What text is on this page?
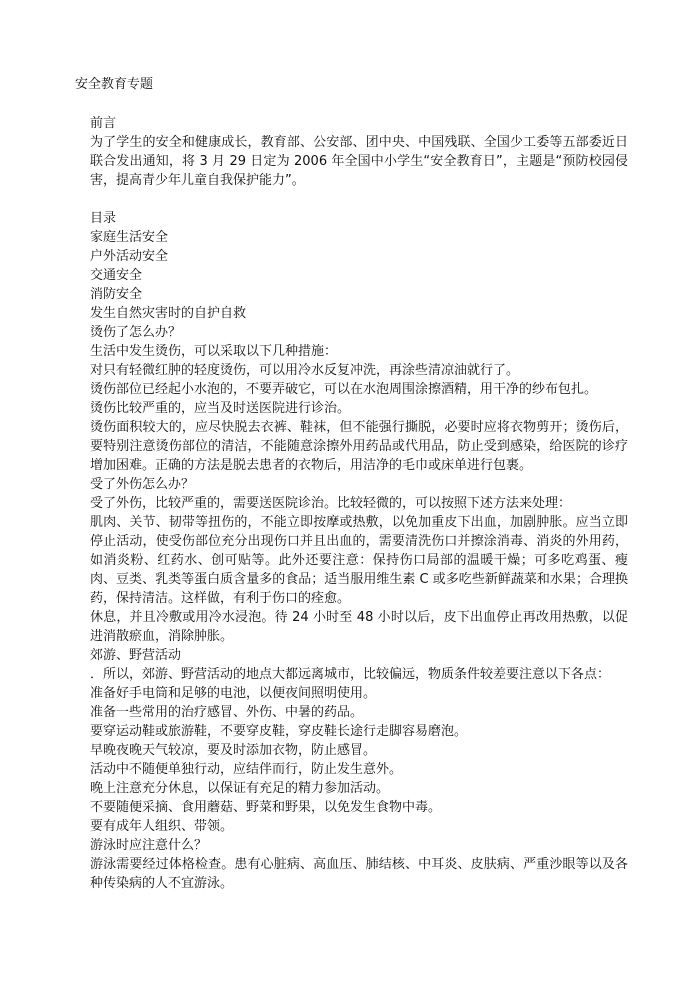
安全教育专题

前言

为了学生的安全和健康成长，教育部、公安部、团中央、中国残联、全国少工委等五部委近日联合发出通知，将 3 月 29 日定为 2006 年全国中小学生“安全教育日”，主题是“预防校园侵害，提高青少年儿童自我保护能力”。

目录

家庭生活安全

户外活动安全

交通安全

消防安全

发生自然灾害时的自护自救

烫伤了怎么办？

生活中发生烫伤，可以采取以下几种措施：

对只有轻微红肿的轻度烫伤，可以用冷水反复冲洗，再涂些清凉油就行了。

烫伤部位已经起小水泡的，不要弄破它，可以在水泡周围涂擦酒精，用干净的纱布包扎。

烫伤比较严重的，应当及时送医院进行诊治。

烫伤面积较大的，应尽快脱去衣裤、鞋袜，但不能强行撕脱，必要时应将衣物剪开；烫伤后，要特别注意烫伤部位的清洁，不能随意涂擦外用药品或代用品，防止受到感染，给医院的诊疗增加困难。正确的方法是脱去患者的衣物后，用洁净的毛巾或床单进行包裹。

受了外伤怎么办？

受了外伤，比较严重的，需要送医院诊治。比较轻微的，可以按照下述方法来处理：

肌肉、关节、韧带等扭伤的，不能立即按摩或热敷，以免加重皮下出血，加剧肿胀。应当立即停止活动，使受伤部位充分出现伤口并且出血的，需要清洗伤口并擦涂消毒、消炎的外用药，如消炎粉、红药水、创可贴等。此外还要注意：保持伤口局部的温暖干燥；可多吃鸡蛋、瘦肉、豆类、乳类等蛋白质含量多的食品；适当服用维生素 C 或多吃些新鲜蔬菜和水果；合理换药，保持清洁。这样做，有利于伤口的痊愈。

休息，并且冷敷或用冷水浸泡。待 24 小时至 48 小时以后，皮下出血停止再改用热敷，以促进消散瘀血，消除肿胀。

郊游、野营活动

．所以，郊游、野营活动的地点大都远离城市，比较偏远，物质条件较差要注意以下各点：

准备好手电筒和足够的电池，以便夜间照明使用。

准备一些常用的治疗感冒、外伤、中暑的药品。

要穿运动鞋或旅游鞋，不要穿皮鞋，穿皮鞋长途行走脚容易磨泡。

早晚夜晚天气较凉，要及时添加衣物，防止感冒。

活动中不随便单独行动，应结伴而行，防止发生意外。

晚上注意充分休息，以保证有充足的精力参加活动。

不要随便采摘、食用蘑菇、野菜和野果，以免发生食物中毒。

要有成年人组织、带领。

游泳时应注意什么？

游泳需要经过体格检查。患有心脏病、高血压、肺结核、中耳炎、皮肤病、严重沙眼等以及各种传染病的人不宜游泳。
